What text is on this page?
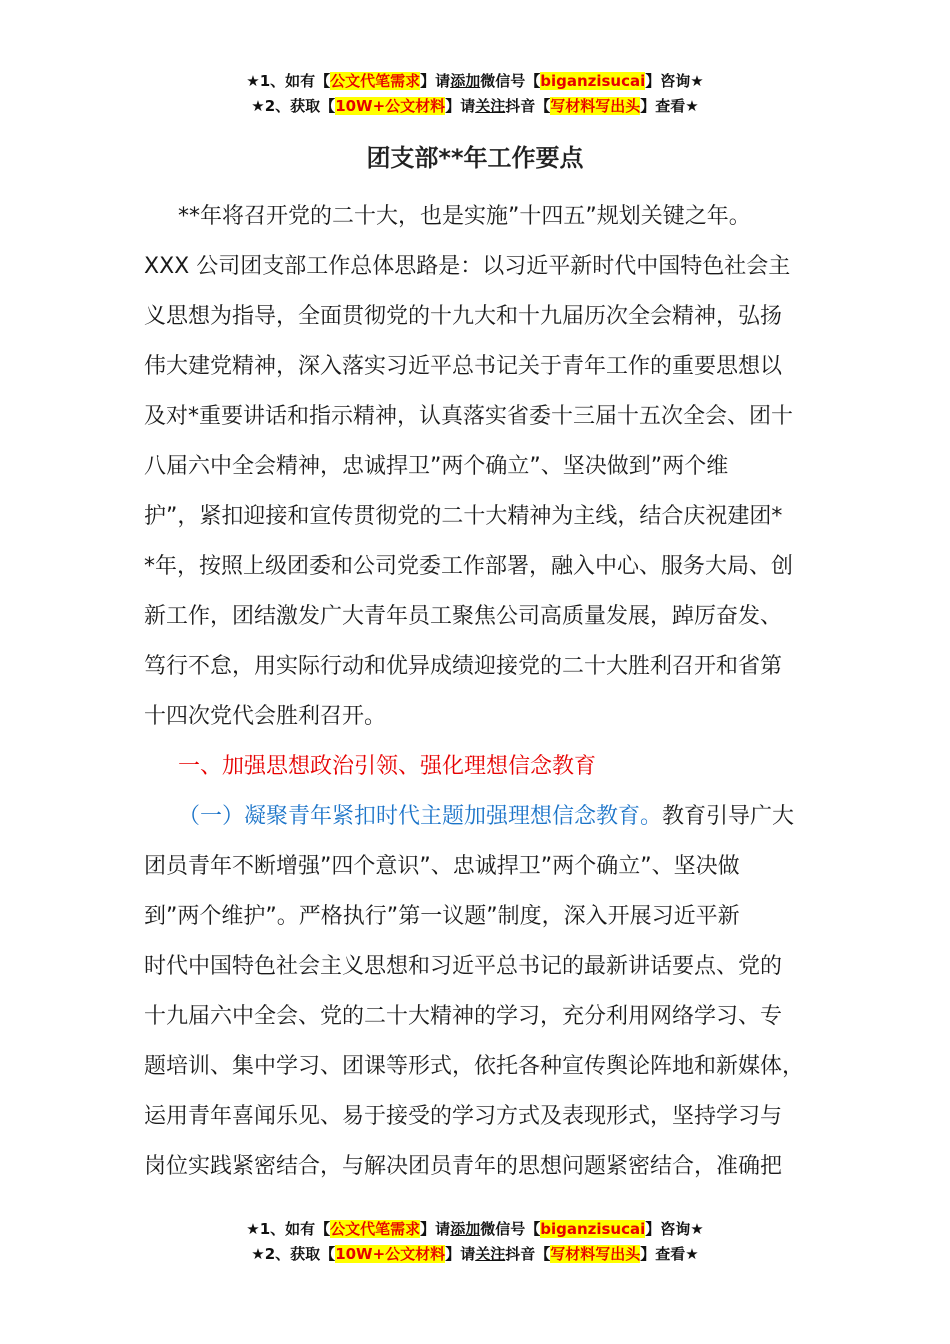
★1、如有【公文代笔需求】请添加微信号【biganzisucai】咨询★
★2、获取【10W+公文材料】请关注抖音【写材料写出头】查看★
团支部**年工作要点
**年将召开党的二十大，也是实施”十四五”规划关键之年。
XXX 公司团支部工作总体思路是：以习近平新时代中国特色社会主
义思想为指导，全面贯彻党的十九大和十九届历次全会精神，弘扬
伟大建党精神，深入落实习近平总书记关于青年工作的重要思想以
及对*重要讲话和指示精神，认真落实省委十三届十五次全会、团十
八届六中全会精神，忠诚捍卫”两个确立”、坚决做到”两个维
护”，紧扣迎接和宣传贯彻党的二十大精神为主线，结合庆祝建团*
*年，按照上级团委和公司党委工作部署，融入中心、服务大局、创
新工作，团结激发广大青年员工聚焦公司高质量发展，踔厉奋发、
笃行不怠，用实际行动和优异成绩迎接党的二十大胜利召开和省第
十四次党代会胜利召开。
一、加强思想政治引领、强化理想信念教育
（一）凝聚青年紧扣时代主题加强理想信念教育。教育引导广大
团员青年不断增强”四个意识”、忠诚捍卫”两个确立”、坚决做
到”两个维护”。严格执行”第一议题”制度，深入开展习近平新
时代中国特色社会主义思想和习近平总书记的最新讲话要点、党的
十九届六中全会、党的二十大精神的学习，充分利用网络学习、专
题培训、集中学习、团课等形式，依托各种宣传舆论阵地和新媒体，
运用青年喜闻乐见、易于接受的学习方式及表现形式，坚持学习与
岗位实践紧密结合，与解决团员青年的思想问题紧密结合，准确把
★1、如有【公文代笔需求】请添加微信号【biganzisucai】咨询★
★2、获取【10W+公文材料】请关注抖音【写材料写出头】查看★
